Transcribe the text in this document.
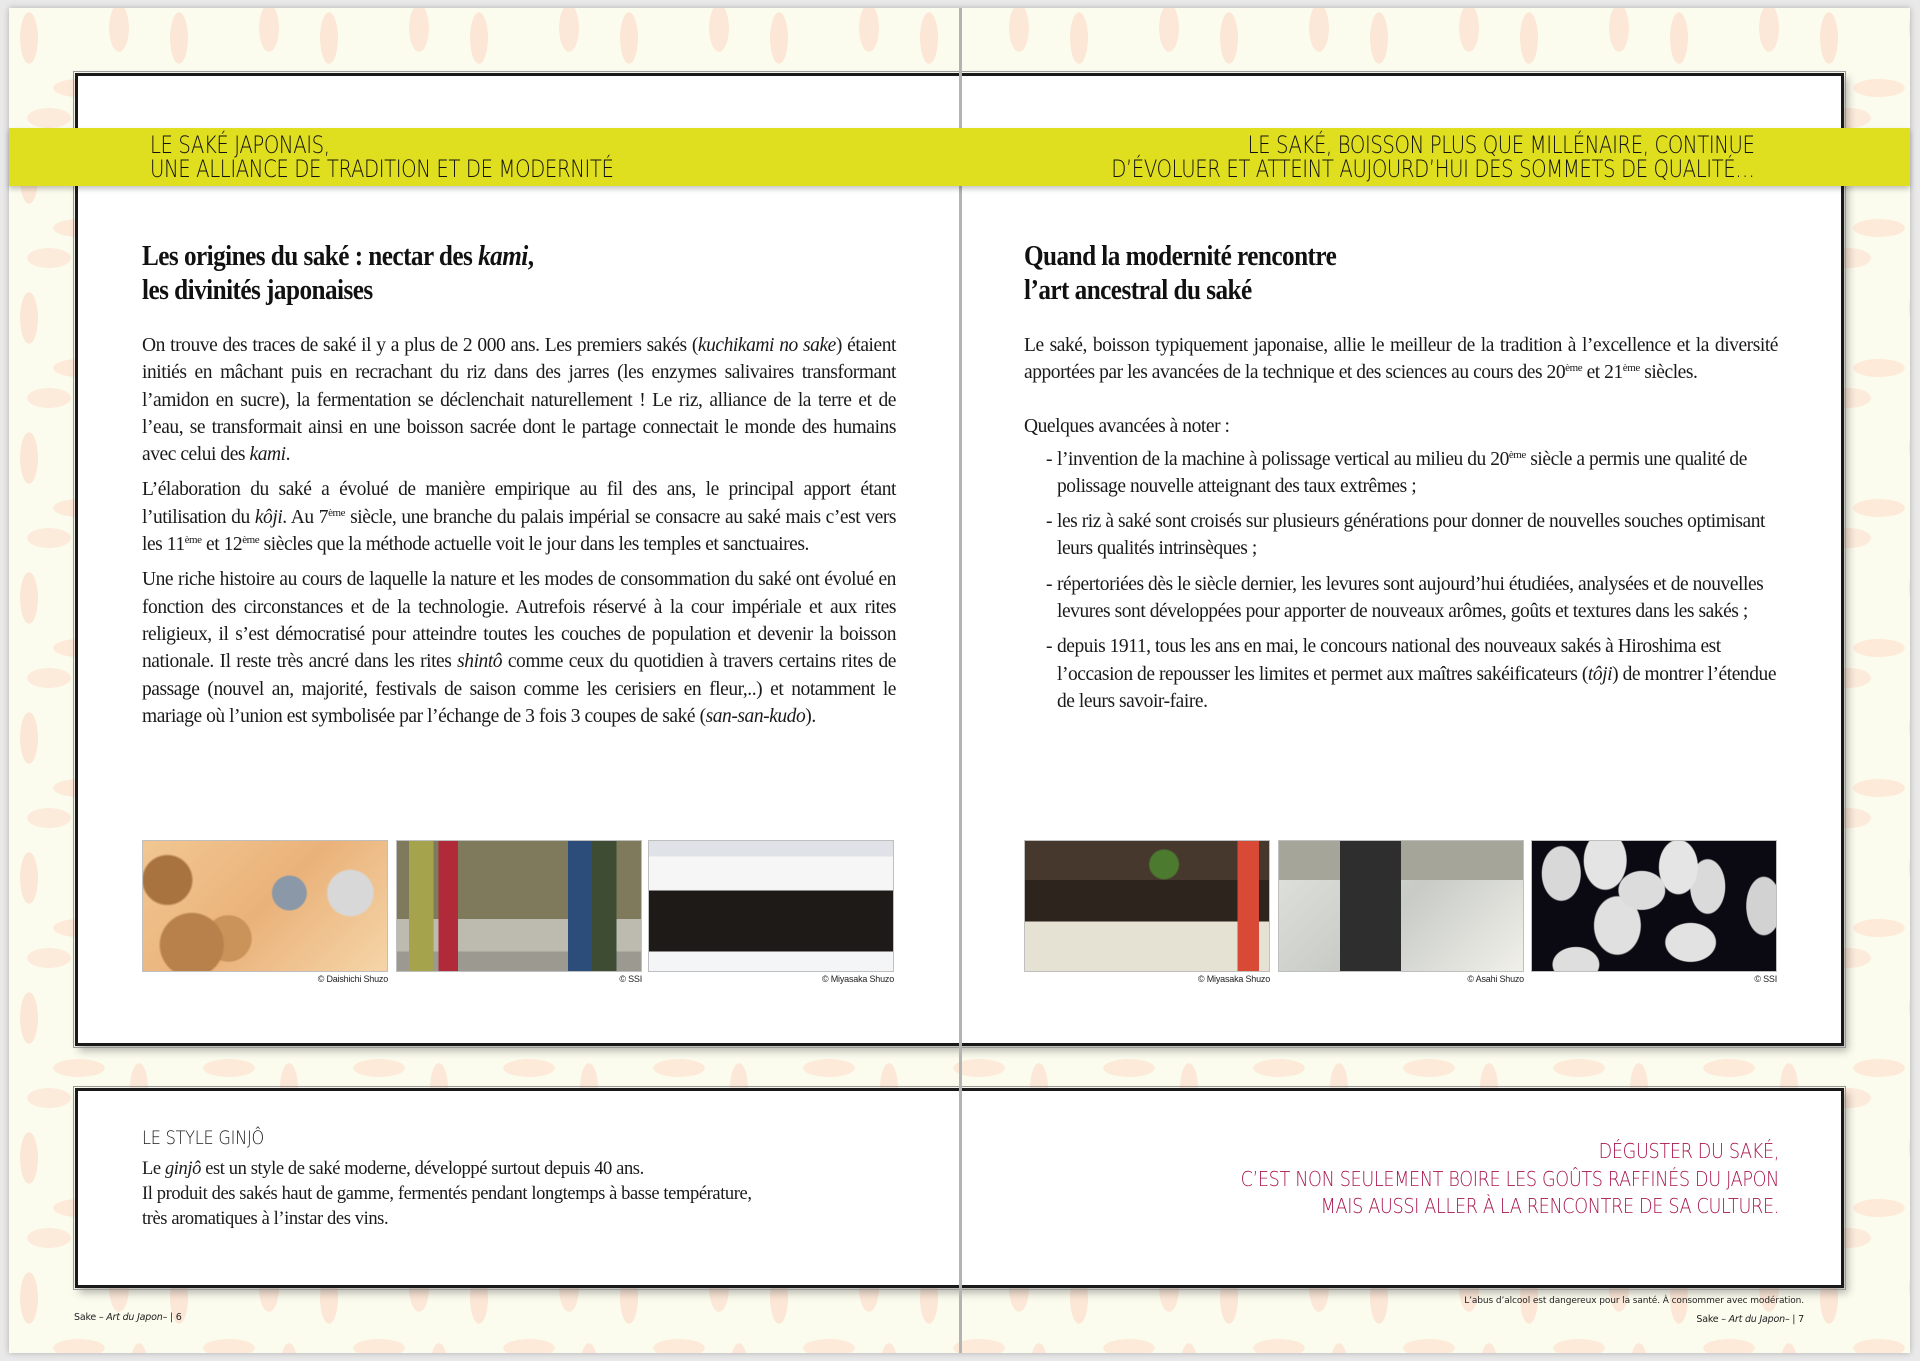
LE SAKÉ JAPONAIS,
UNE ALLIANCE DE TRADITION ET DE MODERNITÉ
LE SAKÉ, BOISSON PLUS QUE MILLÉNAIRE, CONTINUE
D’ÉVOLUER ET ATTEINT AUJOURD’HUI DES SOMMETS DE QUALITÉ…
Les origines du saké : nectar des kami,
les divinités japonaises

On trouve des traces de saké il y a plus de 2 000 ans. Les premiers sakés (kuchikami no sake) étaient initiés en mâchant puis en recrachant du riz dans des jarres (les enzymes salivaires transformant l’amidon en sucre), la fermentation se déclenchait naturellement ! Le riz, alliance de la terre et de l’eau, se transformait ainsi en une boisson sacrée dont le partage connectait le monde des humains avec celui des kami.

L’élaboration du saké a évolué de manière empirique au fil des ans, le principal apport étant l’utilisation du kôji. Au 7ème siècle, une branche du palais impérial se consacre au saké mais c’est vers les 11ème et 12ème siècles que la méthode actuelle voit le jour dans les temples et sanctuaires.

Une riche histoire au cours de laquelle la nature et les modes de consommation du saké ont évolué en fonction des circonstances et de la technologie. Autrefois réservé à la cour impériale et aux rites religieux, il s’est démocratisé pour atteindre toutes les couches de population et devenir la boisson nationale. Il reste très ancré dans les rites shintô comme ceux du quotidien à travers certains rites de passage (nouvel an, majorité, festivals de saison comme les cerisiers en fleur,..) et notamment le mariage où l’union est symbolisée par l’échange de 3 fois 3 coupes de saké (san-san-kudo).

© Daishichi Shuzo	© SSI	© Miyasaka Shuzo
Quand la modernité rencontre
l’art ancestral du saké

Le saké, boisson typiquement japonaise, allie le meilleur de la tradition à l’excellence et la diversité apportées par les avancées de la technique et des sciences au cours des 20ème et 21ème siècles.

Quelques avancées à noter :

- l’invention de la machine à polissage vertical au milieu du 20ème siècle a permis une qualité de polissage nouvelle atteignant des taux extrêmes ;
- les riz à saké sont croisés sur plusieurs générations pour donner de nouvelles souches optimisant leurs qualités intrinsèques ;
- répertoriées dès le siècle dernier, les levures sont aujourd’hui étudiées, analysées et de nouvelles levures sont développées pour apporter de nouveaux arômes, goûts et textures dans les sakés ;
- depuis 1911, tous les ans en mai, le concours national des nouveaux sakés à Hiroshima est l’occasion de repousser les limites et permet aux maîtres sakéificateurs (tôji) de montrer l’étendue de leurs savoir-faire.
© Miyasaka Shuzo	© Asahi Shuzo	© SSI
LE STYLE GINJÔ
Le ginjô est un style de saké moderne, développé surtout depuis 40 ans.
Il produit des sakés haut de gamme, fermentés pendant longtemps à basse température,
très aromatiques à l’instar des vins.
DÉGUSTER DU SAKÉ,
C’EST NON SEULEMENT BOIRE LES GOÛTS RAFFINÉS DU JAPON
MAIS AUSSI ALLER À LA RENCONTRE DE SA CULTURE.
Sake – Art du Japon– | 6
L’abus d’alcool est dangereux pour la santé. À consommer avec modération.
Sake – Art du Japon– | 7
